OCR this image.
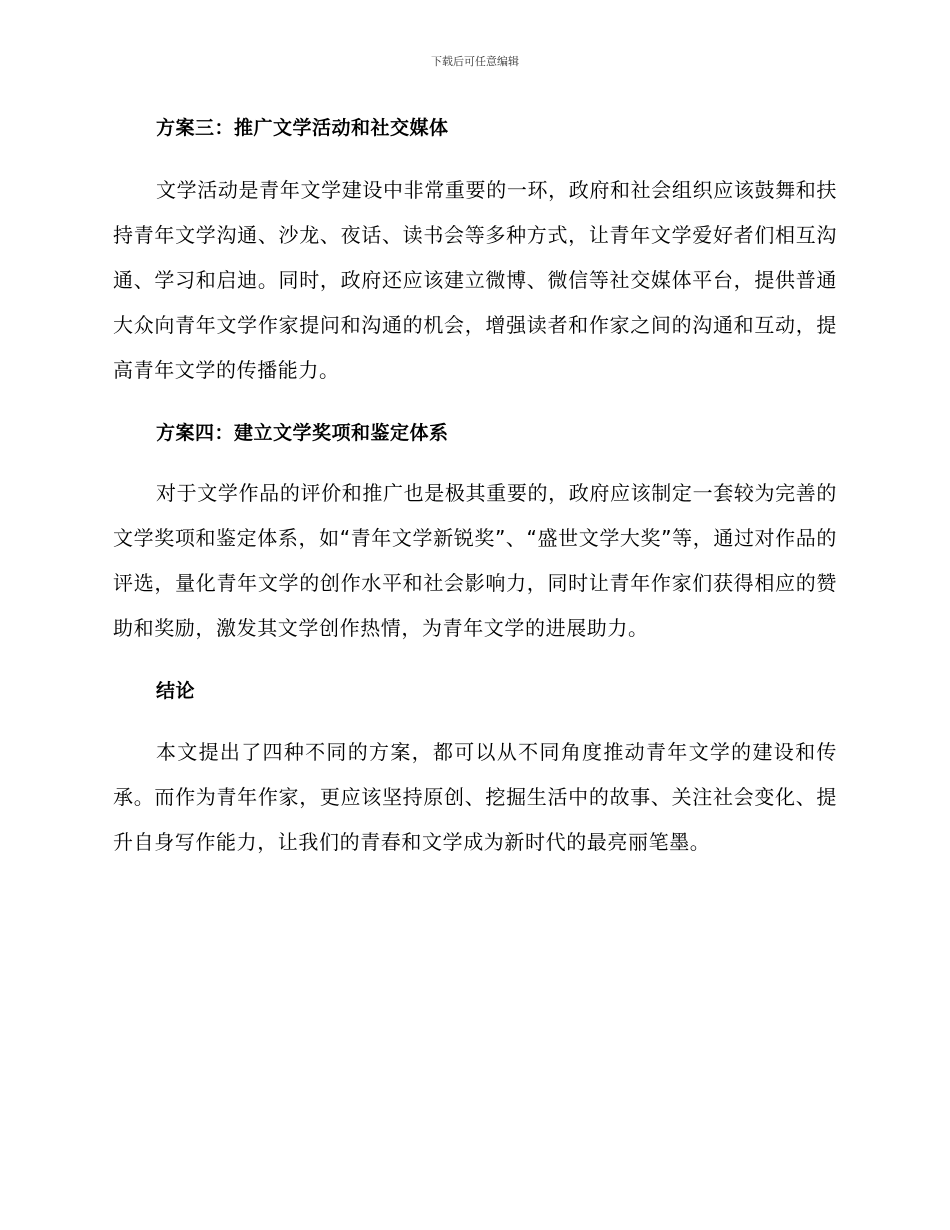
下载后可任意编辑
方案三：推广文学活动和社交媒体

文学活动是青年文学建设中非常重要的一环，政府和社会组织应该鼓舞和扶持青年文学沟通、沙龙、夜话、读书会等多种方式，让青年文学爱好者们相互沟通、学习和启迪。同时，政府还应该建立微博、微信等社交媒体平台，提供普通大众向青年文学作家提问和沟通的机会，增强读者和作家之间的沟通和互动，提高青年文学的传播能力。

方案四：建立文学奖项和鉴定体系

对于文学作品的评价和推广也是极其重要的，政府应该制定一套较为完善的文学奖项和鉴定体系，如“青年文学新锐奖”、“盛世文学大奖”等，通过对作品的评选，量化青年文学的创作水平和社会影响力，同时让青年作家们获得相应的赞助和奖励，激发其文学创作热情，为青年文学的进展助力。

结论

本文提出了四种不同的方案，都可以从不同角度推动青年文学的建设和传承。而作为青年作家，更应该坚持原创、挖掘生活中的故事、关注社会变化、提升自身写作能力，让我们的青春和文学成为新时代的最亮丽笔墨。
